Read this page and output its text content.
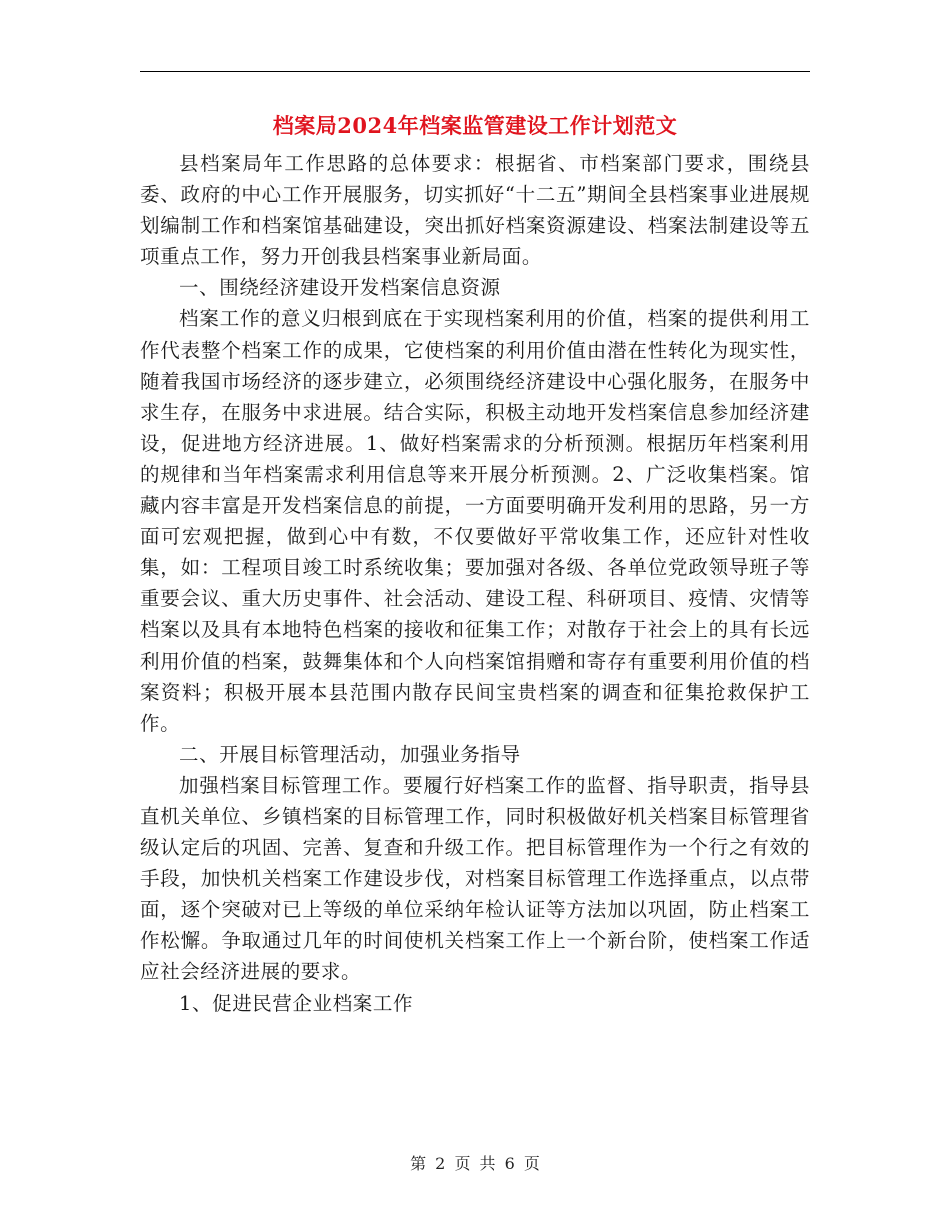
档案局2024年档案监管建设工作计划范文

县档案局年工作思路的总体要求：根据省、市档案部门要求，围绕县委、政府的中心工作开展服务，切实抓好“十二五”期间全县档案事业进展规划编制工作和档案馆基础建设，突出抓好档案资源建设、档案法制建设等五项重点工作，努力开创我县档案事业新局面。

一、围绕经济建设开发档案信息资源

档案工作的意义归根到底在于实现档案利用的价值，档案的提供利用工作代表整个档案工作的成果，它使档案的利用价值由潜在性转化为现实性，随着我国市场经济的逐步建立，必须围绕经济建设中心强化服务，在服务中求生存，在服务中求进展。结合实际，积极主动地开发档案信息参加经济建设，促进地方经济进展。1、做好档案需求的分析预测。根据历年档案利用的规律和当年档案需求利用信息等来开展分析预测。2、广泛收集档案。馆藏内容丰富是开发档案信息的前提，一方面要明确开发利用的思路，另一方面可宏观把握，做到心中有数，不仅要做好平常收集工作，还应针对性收集，如：工程项目竣工时系统收集；要加强对各级、各单位党政领导班子等重要会议、重大历史事件、社会活动、建设工程、科研项目、疫情、灾情等档案以及具有本地特色档案的接收和征集工作；对散存于社会上的具有长远利用价值的档案，鼓舞集体和个人向档案馆捐赠和寄存有重要利用价值的档案资料；积极开展本县范围内散存民间宝贵档案的调查和征集抢救保护工作。

二、开展目标管理活动，加强业务指导

加强档案目标管理工作。要履行好档案工作的监督、指导职责，指导县直机关单位、乡镇档案的目标管理工作，同时积极做好机关档案目标管理省级认定后的巩固、完善、复查和升级工作。把目标管理作为一个行之有效的手段，加快机关档案工作建设步伐，对档案目标管理工作选择重点，以点带面，逐个突破对已上等级的单位采纳年检认证等方法加以巩固，防止档案工作松懈。争取通过几年的时间使机关档案工作上一个新台阶，使档案工作适应社会经济进展的要求。

1、促进民营企业档案工作

第 2 页 共 6 页
